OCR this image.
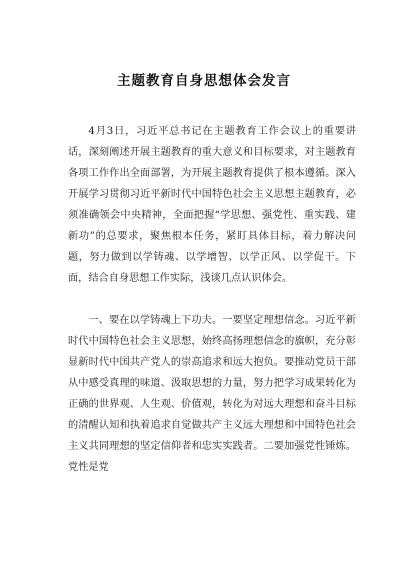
主题教育自身思想体会发言

4月3日，习近平总书记在主题教育工作会议上的重要讲话，深刻阐述开展主题教育的重大意义和目标要求，对主题教育各项工作作出全面部署，为开展主题教育提供了根本遵循。深入开展学习贯彻习近平新时代中国特色社会主义思想主题教育，必须准确领会中央精神，全面把握“学思想、强党性、重实践、建新功”的总要求，聚焦根本任务，紧盯具体目标，着力解决问题，努力做到以学铸魂、以学增智、以学正风、以学促干。下面，结合自身思想工作实际，浅谈几点认识体会。

一、要在以学铸魂上下功夫。一要坚定理想信念。习近平新时代中国特色社会主义思想，始终高扬理想信念的旗帜，充分彰显新时代中国共产党人的崇高追求和远大抱负。要推动党员干部从中感受真理的味道、汲取思想的力量，努力把学习成果转化为正确的世界观、人生观、价值观，转化为对远大理想和奋斗目标的清醒认知和执着追求自觉做共产主义远大理想和中国特色社会主义共同理想的坚定信仰者和忠实实践者。二要加强党性锤炼。党性是党
